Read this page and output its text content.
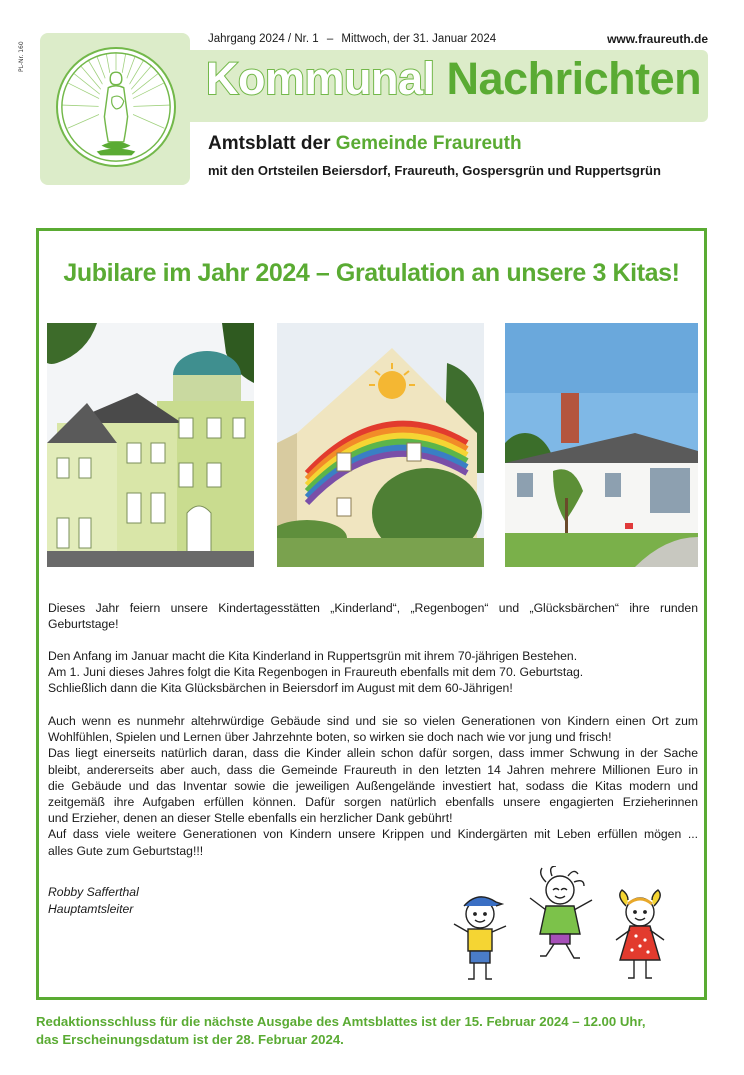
PL-Nr. 160
Jahrgang 2024 / Nr. 1 – Mittwoch, der 31. Januar 2024	www.fraureuth.de
Kommunal Nachrichten
Amtsblatt der Gemeinde Fraureuth
mit den Ortsteilen Beiersdorf, Fraureuth, Gospersgrün und Ruppertsgrün
Jubilare im Jahr 2024 – Gratulation an unsere 3 Kitas!
Dieses Jahr feiern unsere Kindertagesstätten „Kinderland“, „Regenbogen“ und „Glücksbärchen“ ihre runden
Geburtstage!
Den Anfang im Januar macht die Kita Kinderland in Ruppertsgrün mit ihrem 70-jährigen Bestehen.
Am 1. Juni dieses Jahres folgt die Kita Regenbogen in Fraureuth ebenfalls mit dem 70. Geburtstag.
Schließlich dann die Kita Glücksbärchen in Beiersdorf im August mit dem 60-Jährigen!
Auch wenn es nunmehr altehrwürdige Gebäude sind und sie so vielen Generationen von Kindern einen Ort zum
Wohlfühlen, Spielen und Lernen über Jahrzehnte boten, so wirken sie doch nach wie vor jung und frisch!
Das liegt einerseits natürlich daran, dass die Kinder allein schon dafür sorgen, dass immer Schwung in der Sache
bleibt, andererseits aber auch, dass die Gemeinde Fraureuth in den letzten 14 Jahren mehrere Millionen Euro in
die Gebäude und das Inventar sowie die jeweiligen Außengelände investiert hat, sodass die Kitas modern und
zeitgemäß ihre Aufgaben erfüllen können. Dafür sorgen natürlich ebenfalls unsere engagierten Erzieherinnen
und Erzieher, denen an dieser Stelle ebenfalls ein herzlicher Dank gebührt!
Auf dass viele weitere Generationen von Kindern unsere Krippen und Kindergärten mit Leben erfüllen mögen ...
alles Gute zum Geburtstag!!!
Robby Safferthal
Hauptamtsleiter
Redaktionsschluss für die nächste Ausgabe des Amtsblattes ist der 15. Februar 2024 – 12.00 Uhr,
das Erscheinungsdatum ist der 28. Februar 2024.
